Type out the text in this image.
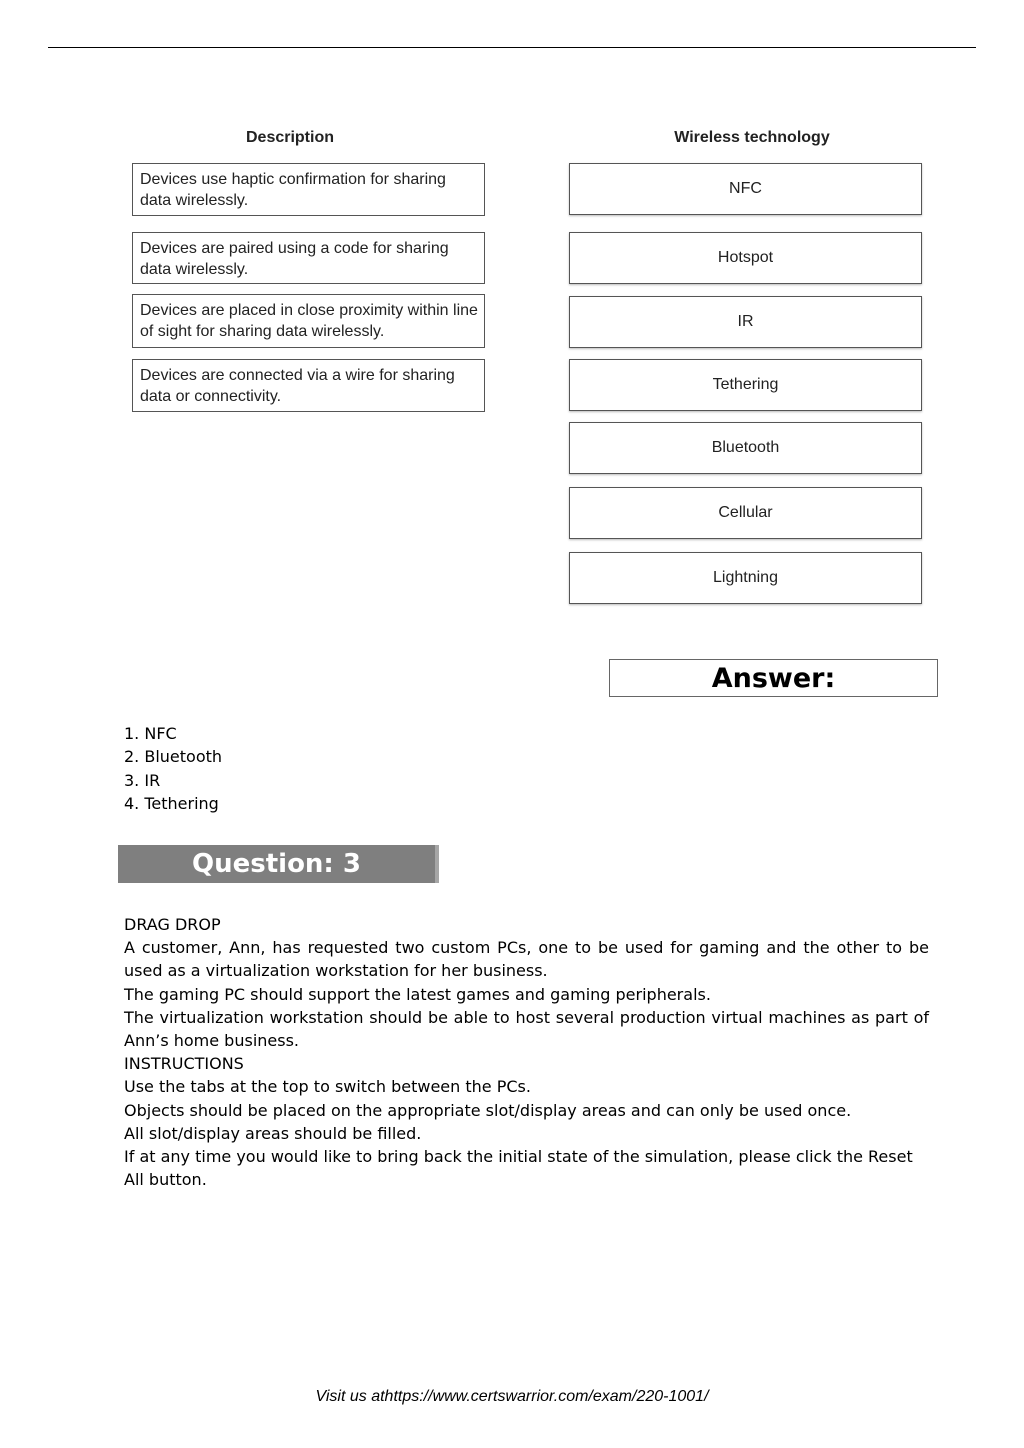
Description	Wireless technology
Devices use haptic confirmation for sharing data wirelessly.
Devices are paired using a code for sharing data wirelessly.
Devices are placed in close proximity within line of sight for sharing data wirelessly.
Devices are connected via a wire for sharing data or connectivity.
NFC
Hotspot
IR
Tethering
Bluetooth
Cellular
Lightning
Answer:
1. NFC
2. Bluetooth
3. IR
4. Tethering
Question: 3

DRAG DROP

A customer, Ann, has requested two custom PCs, one to be used for gaming and the other to be used as a virtualization workstation for her business.

The gaming PC should support the latest games and gaming peripherals.

The virtualization workstation should be able to host several production virtual machines as part of Ann’s home business.

INSTRUCTIONS

Use the tabs at the top to switch between the PCs.

Objects should be placed on the appropriate slot/display areas and can only be used once.

All slot/display areas should be filled.

If at any time you would like to bring back the initial state of the simulation, please click the Reset All button.

Visit us athttps://www.certswarrior.com/exam/220-1001/
